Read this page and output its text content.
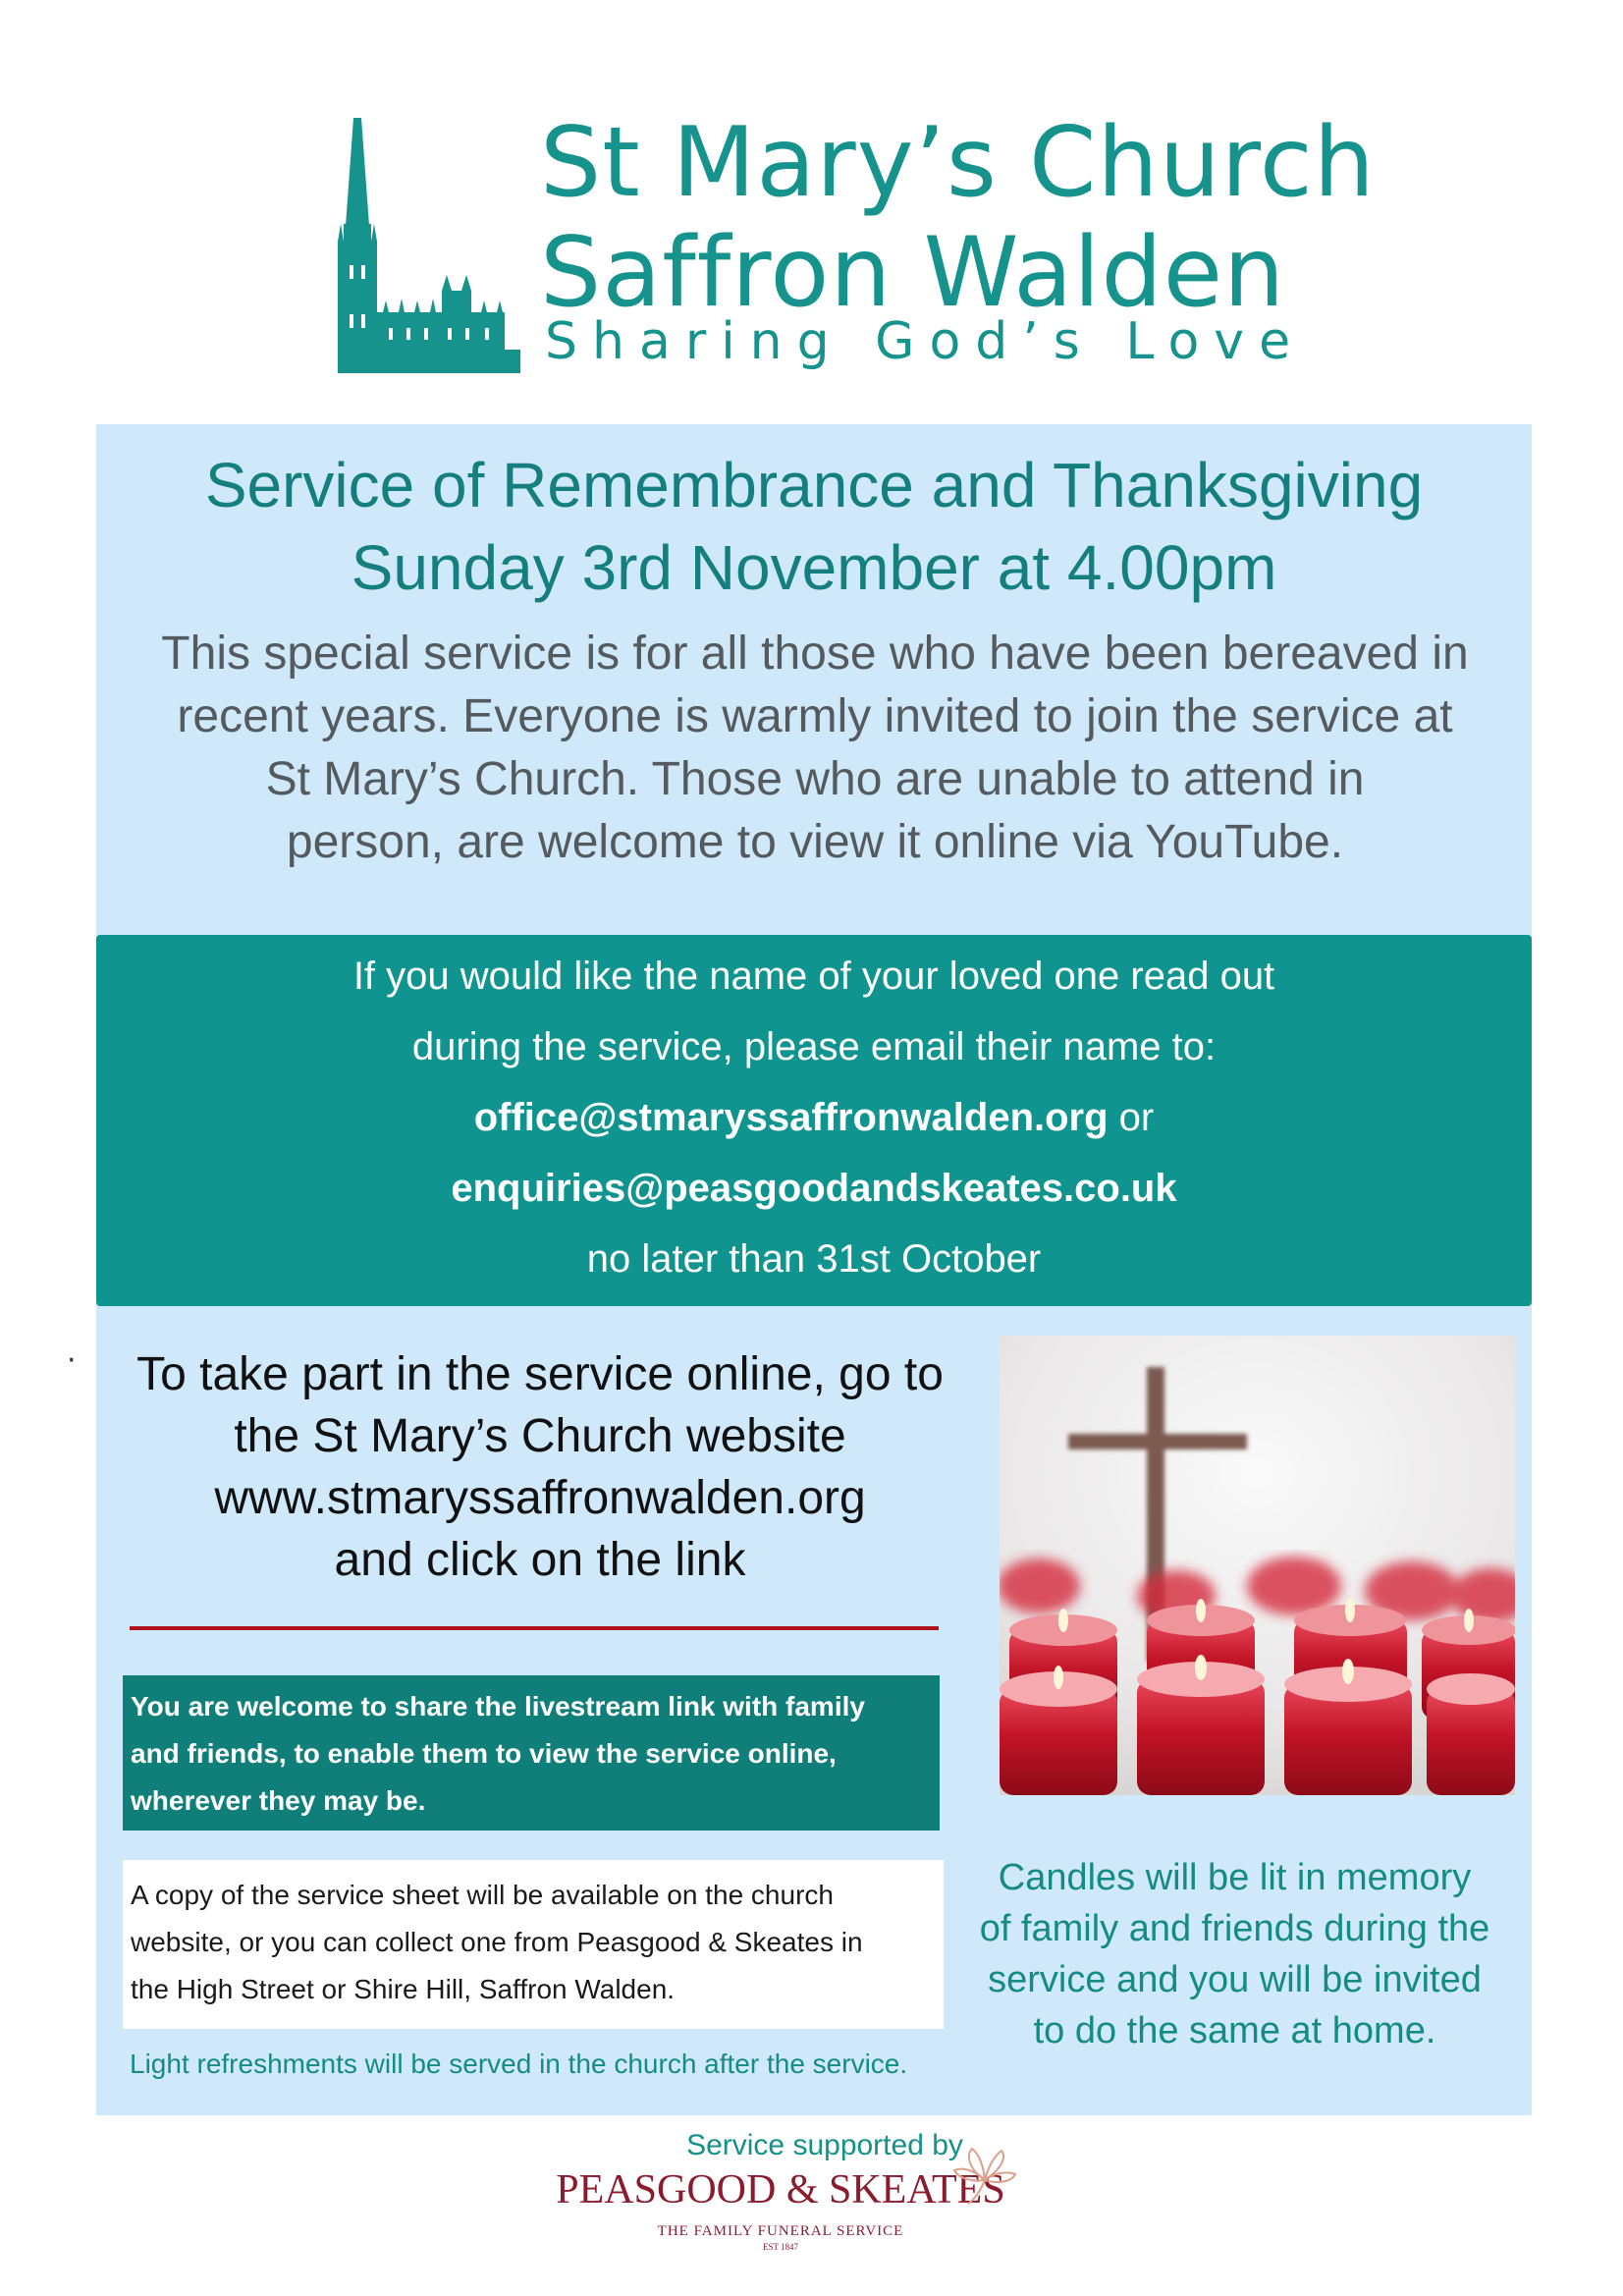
St Mary’s Church
Saffron Walden
Sharing God’s Love
Service of Remembrance and Thanksgiving
Sunday 3rd November at 4.00pm
This special service is for all those who have been bereaved in
recent years. Everyone is warmly invited to join the service at
St Mary’s Church. Those who are unable to attend in
person, are welcome to view it online via YouTube.
If you would like the name of your loved one read out
during the service, please email their name to:
office@stmaryssaffronwalden.org or
enquiries@peasgoodandskeates.co.uk
no later than 31st October
·	To take part in the service online, go to
the St Mary’s Church website
www.stmaryssaffronwalden.org
and click on the link
You are welcome to share the livestream link with family
and friends, to enable them to view the service online,
wherever they may be.
A copy of the service sheet will be available on the church
website, or you can collect one from Peasgood & Skeates in
the High Street or Shire Hill, Saffron Walden.
Light refreshments will be served in the church after the service.
Candles will be lit in memory
of family and friends during the
service and you will be invited
to do the same at home.
Service supported by
PEASGOOD & SKEATES
THE FAMILY FUNERAL SERVICE
EST 1847
